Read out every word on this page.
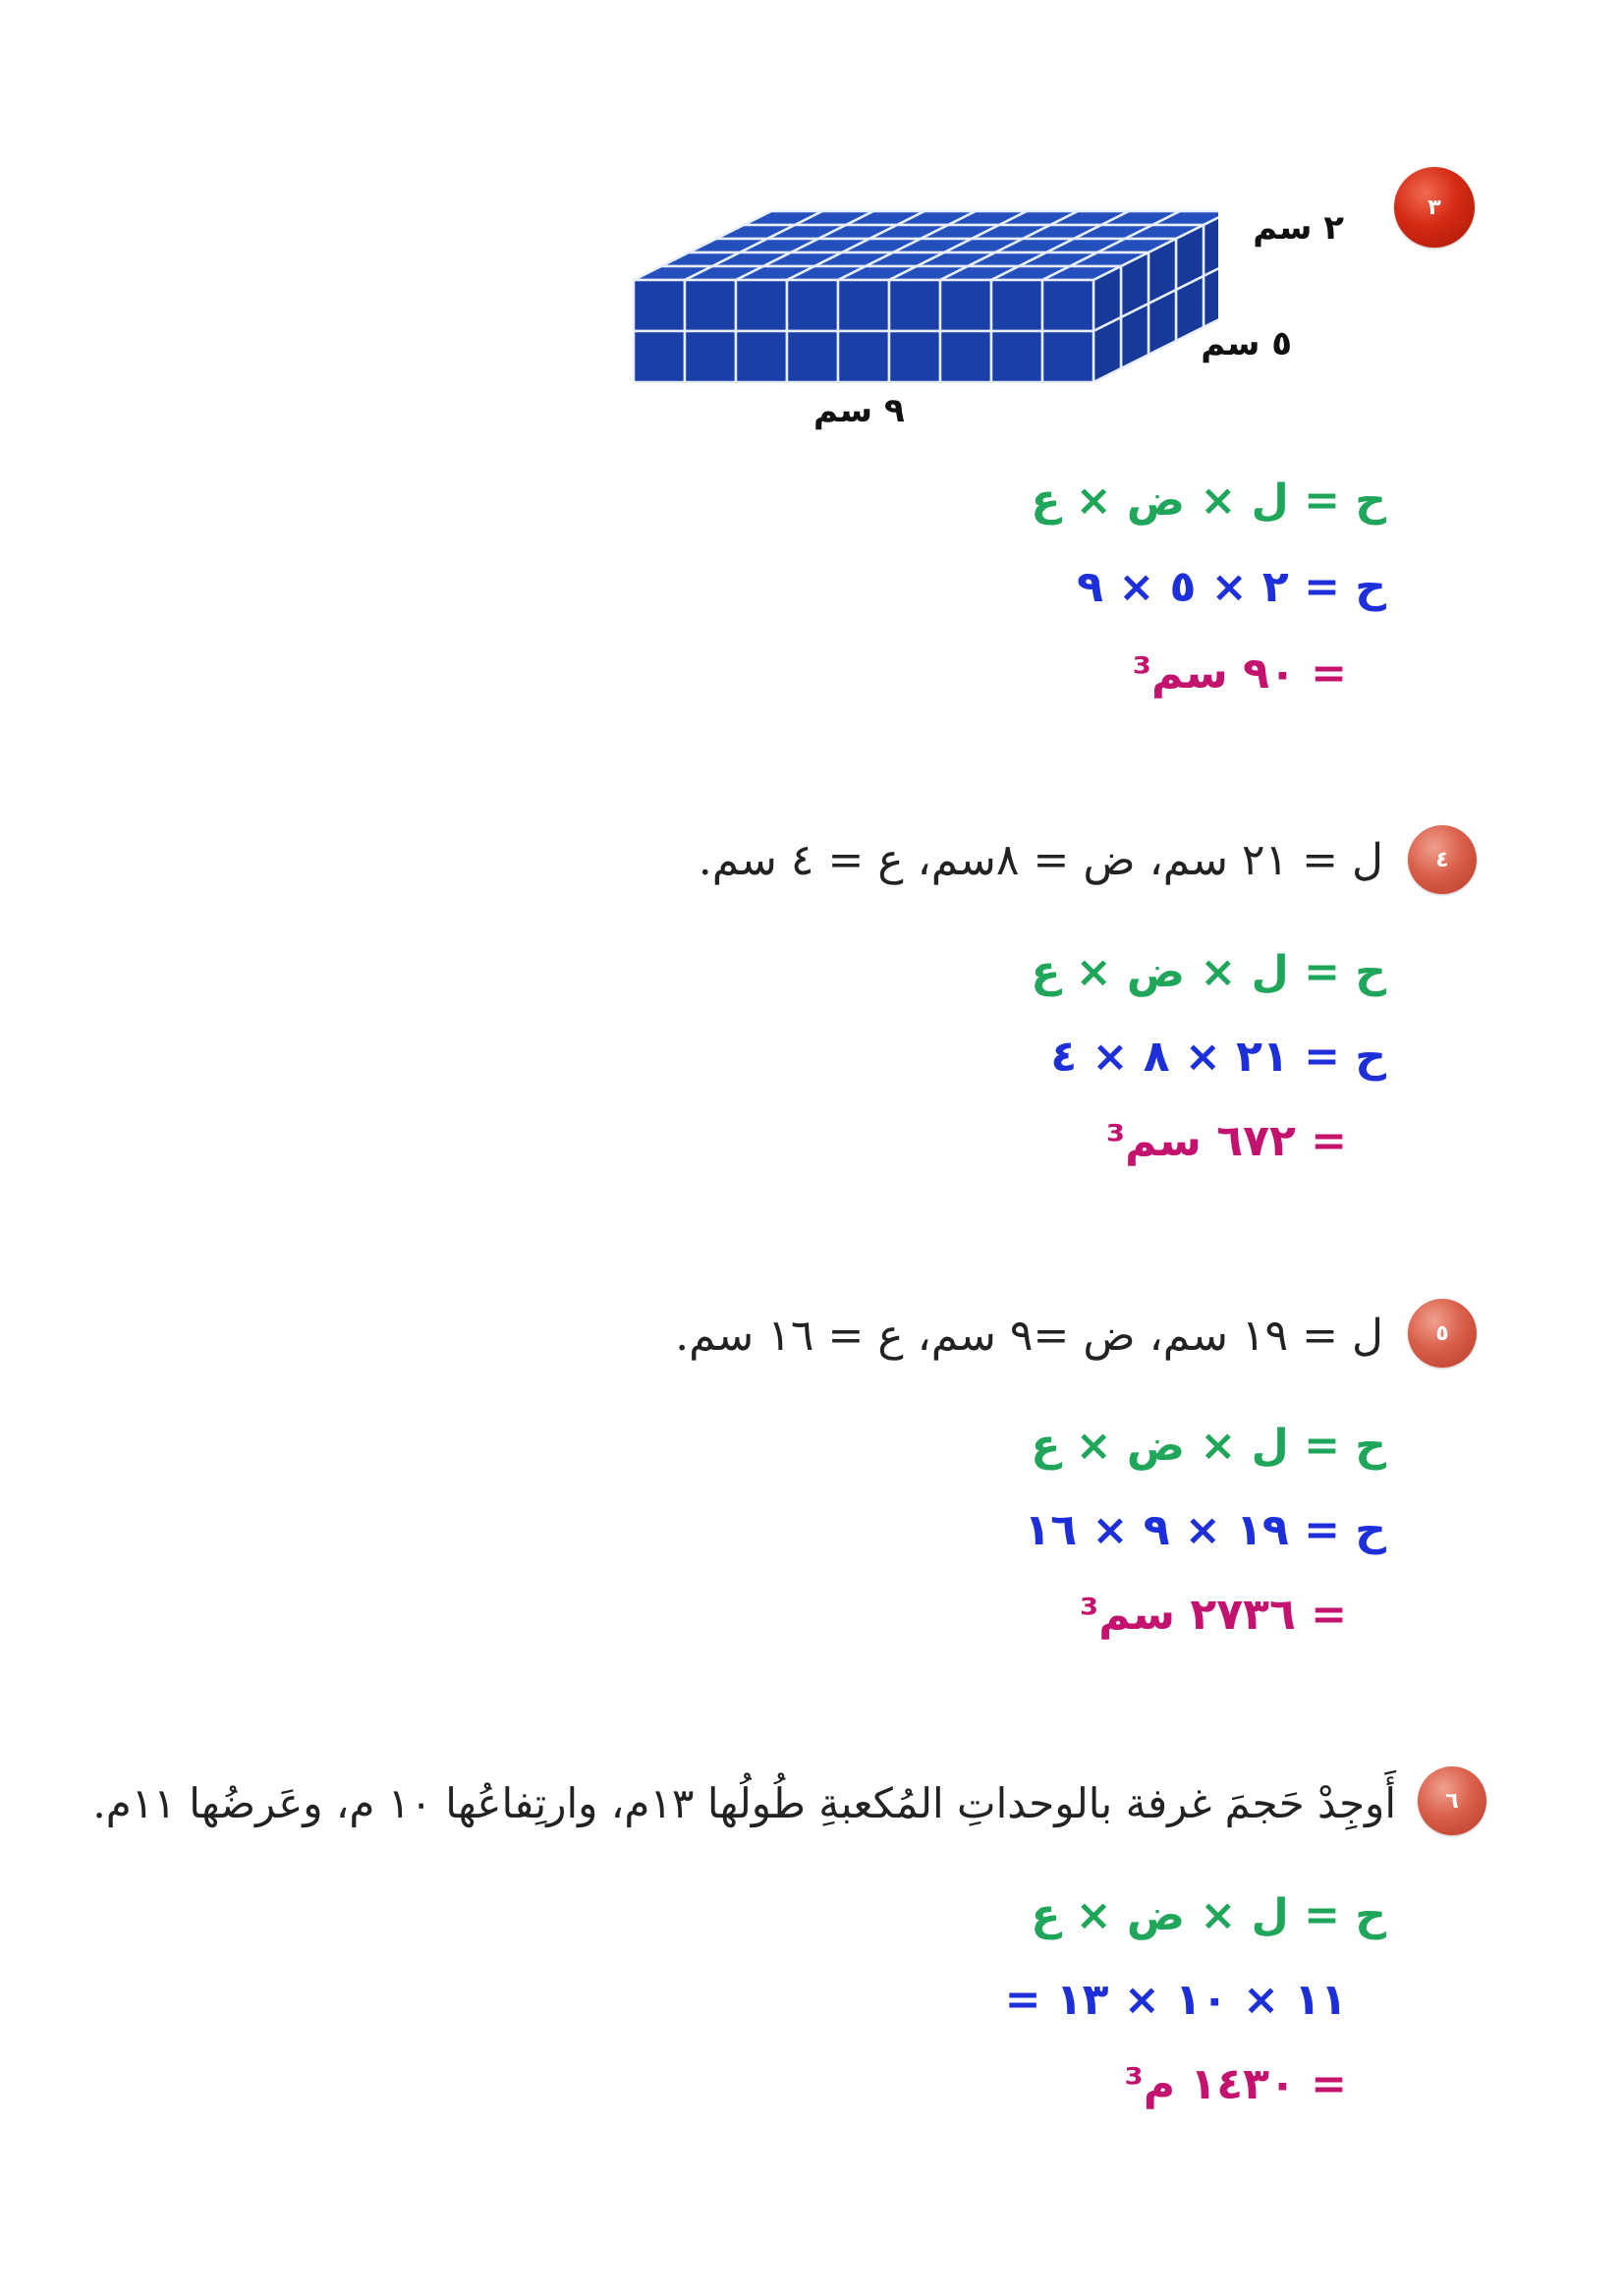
٣
٢ سم
٥ سم
٩ سم
ح = ل × ض × ع
ح = ٢ × ٥ × ٩
= ٩٠ سم³
٤
ل = ٢١ سم، ض = ٨سم، ع = ٤ سم.
ح = ل × ض × ع
ح = ٢١ × ٨ × ٤
= ٦٧٢ سم³
٥
ل = ١٩ سم، ض =٩ سم، ع = ١٦ سم.
ح = ل × ض × ع
ح = ١٩ × ٩ × ١٦
= ٢٧٣٦ سم³
٦
أَوجِدْ حَجمَ غرفة بالوحداتِ المُكعبةِ طُولُها ١٣م، وارتِفاعُها ١٠ م، وعَرضُها ١١م.
ح = ل × ض × ع
= ١١ × ١٠ × ١٣
= ١٤٣٠ م³
